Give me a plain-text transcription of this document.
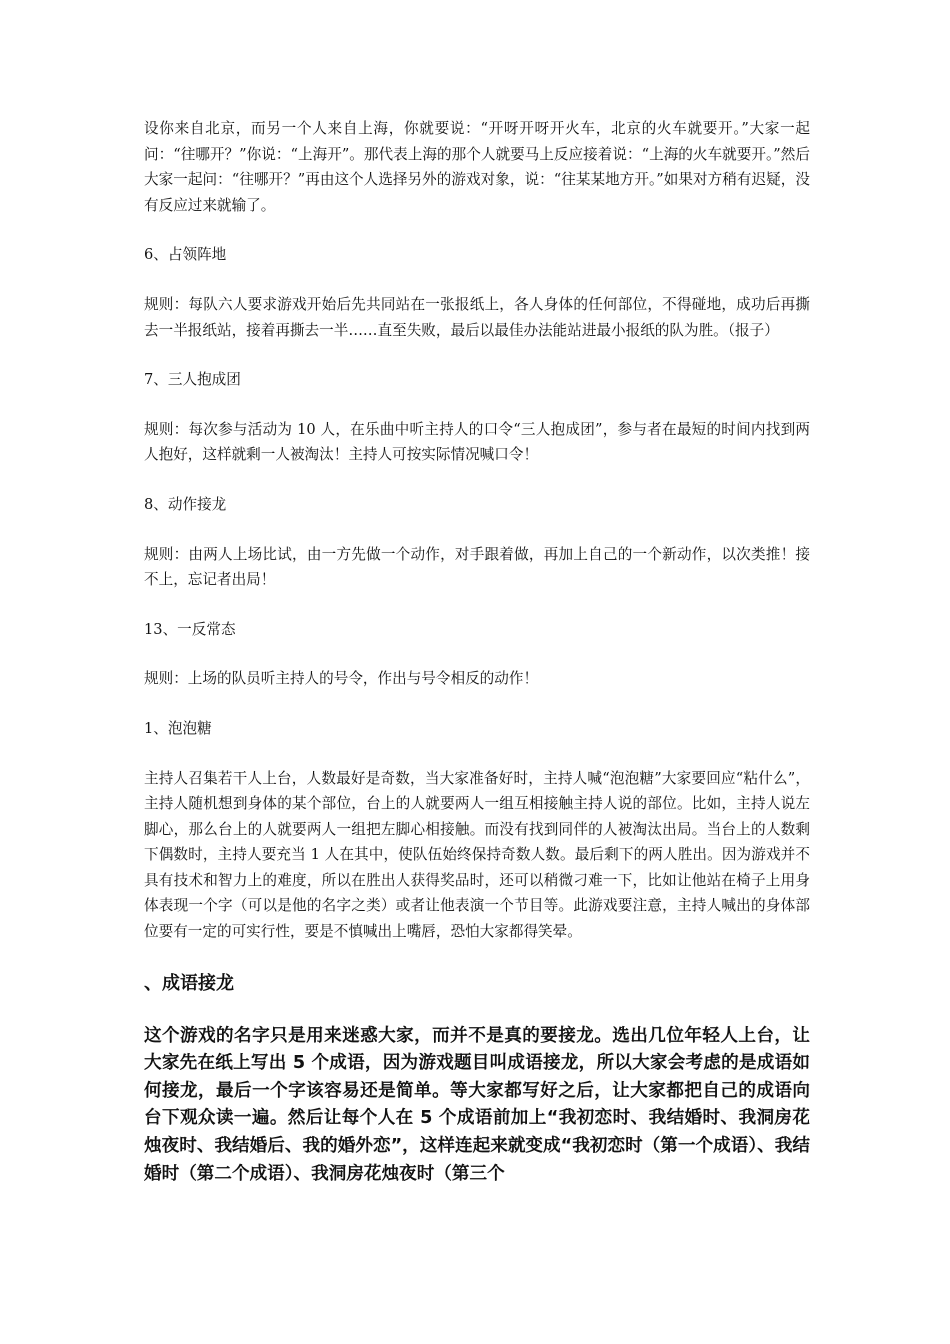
设你来自北京，而另一个人来自上海，你就要说：“开呀开呀开火车，北京的火车就要开。”大家一起问：“往哪开？”你说：“上海开”。那代表上海的那个人就要马上反应接着说：“上海的火车就要开。”然后大家一起问：“往哪开？”再由这个人选择另外的游戏对象，说：“往某某地方开。”如果对方稍有迟疑，没有反应过来就输了。

6、占领阵地

规则：每队六人要求游戏开始后先共同站在一张报纸上，各人身体的任何部位，不得碰地，成功后再撕去一半报纸站，接着再撕去一半……直至失败，最后以最佳办法能站进最小报纸的队为胜。（报子）

7、三人抱成团

规则：每次参与活动为 10 人，在乐曲中听主持人的口令“三人抱成团”，参与者在最短的时间内找到两人抱好，这样就剩一人被淘汰！主持人可按实际情况喊口令！

8、动作接龙

规则：由两人上场比试，由一方先做一个动作，对手跟着做，再加上自己的一个新动作，以次类推！接不上，忘记者出局！

13、一反常态

规则：上场的队员听主持人的号令，作出与号令相反的动作！

1、泡泡糖

主持人召集若干人上台，人数最好是奇数，当大家准备好时，主持人喊“泡泡糖”大家要回应“粘什么”，主持人随机想到身体的某个部位，台上的人就要两人一组互相接触主持人说的部位。比如，主持人说左脚心，那么台上的人就要两人一组把左脚心相接触。而没有找到同伴的人被淘汰出局。当台上的人数剩下偶数时，主持人要充当 1 人在其中，使队伍始终保持奇数人数。最后剩下的两人胜出。因为游戏并不具有技术和智力上的难度，所以在胜出人获得奖品时，还可以稍微刁难一下，比如让他站在椅子上用身体表现一个字（可以是他的名字之类）或者让他表演一个节目等。此游戏要注意，主持人喊出的身体部位要有一定的可实行性，要是不慎喊出上嘴唇，恐怕大家都得笑晕。

、成语接龙

这个游戏的名字只是用来迷惑大家，而并不是真的要接龙。选出几位年轻人上台，让大家先在纸上写出 5 个成语，因为游戏题目叫成语接龙，所以大家会考虑的是成语如何接龙，最后一个字该容易还是简单。等大家都写好之后，让大家都把自己的成语向台下观众读一遍。然后让每个人在 5 个成语前加上“我初恋时、我结婚时、我洞房花烛夜时、我结婚后、我的婚外恋”，这样连起来就变成“我初恋时（第一个成语）、我结婚时（第二个成语）、我洞房花烛夜时（第三个
